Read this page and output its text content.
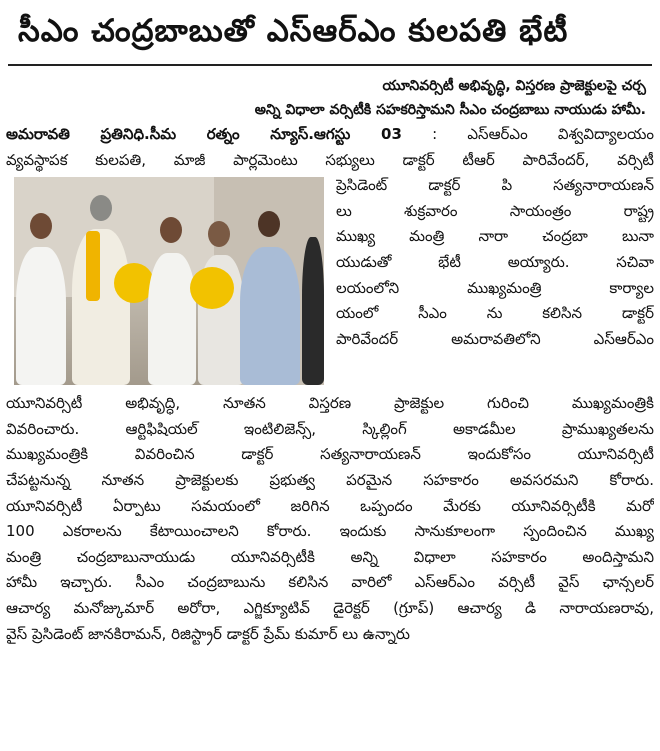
సీఎం చంద్రబాబుతో ఎస్ఆర్ఎం కులపతి భేటీ
యూనివర్సిటీ అభివృద్ధి, విస్తరణ ప్రాజెక్టులపై చర్చ
అన్ని విధాలా వర్సిటీకి సహకరిస్తామని సీఎం చంద్రబాబు నాయుడు హామీ.
అమరావతి ప్రతినిధి.సీమ రత్నం న్యూస్.ఆగస్టు 03 : ఎస్ఆర్ఎం విశ్వవిద్యాలయం
వ్యవస్థాపక కులపతి, మాజీ పార్లమెంటు సభ్యులు డాక్టర్ టీఆర్ పారివేందర్, వర్సిటీ
ప్రెసిడెంట్ డాక్టర్ పి సత్యనారాయణన్
లు శుక్రవారం సాయంత్రం రాష్ట్ర
ముఖ్య మంత్రి నారా చంద్రబా బునా
యుడుతో భేటీ అయ్యారు. సచివా
లయంలోని ముఖ్యమంత్రి కార్యాల
యంలో సీఎం ను కలిసిన డాక్టర్
పారివేందర్ అమరావతిలోని ఎస్ఆర్ఎం
యూనివర్సిటీ అభివృద్ధి, నూతన విస్తరణ ప్రాజెక్టుల గురించి ముఖ్యమంత్రికి
వివరించారు. ఆర్టిఫిషియల్ ఇంటిలిజెన్స్, స్కిల్లింగ్ అకాడమీల ప్రాముఖ్యతలను
ముఖ్యమంత్రికి వివరించిన డాక్టర్ సత్యనారాయణన్ ఇందుకోసం యూనివర్సిటీ
చేపట్టనున్న నూతన ప్రాజెక్టులకు ప్రభుత్వ పరమైన సహకారం అవసరమని కోరారు.
యూనివర్సిటీ ఏర్పాటు సమయంలో జరిగిన ఒప్పందం మేరకు యూనివర్సిటీకి మరో
100 ఎకరాలను కేటాయించాలని కోరారు. ఇందుకు సానుకూలంగా స్పందించిన ముఖ్య
మంత్రి చంద్రబాబునాయుడు యూనివర్సిటీకి అన్ని విధాలా సహకారం అందిస్తామని
హామీ ఇచ్చారు. సీఎం చంద్రబాబును కలిసిన వారిలో ఎస్ఆర్ఎం వర్సిటీ వైస్ ఛాన్సలర్
ఆచార్య మనోజ్కుమార్ అరోరా, ఎగ్జిక్యూటివ్ డైరెక్టర్ (గ్రూప్) ఆచార్య డి నారాయణరావు,
వైస్ ప్రెసిడెంట్ జానకిరామన్, రిజిస్ట్రార్ డాక్టర్ ప్రేమ్ కుమార్ లు ఉన్నారు
